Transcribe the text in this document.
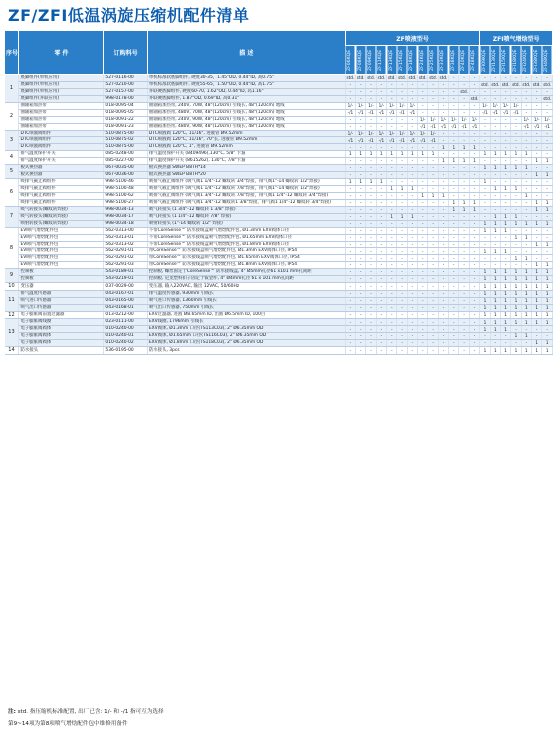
ZF/ZFI低温涡旋压缩机配件清单
序号	零 件	订购料号	描 述	ZF喷液型号													ZFI喷气增焓型号						
				ZF06KQE	ZF08KQE	ZF09KQE	ZF11KQE	ZF13KQE	ZF15KQE	ZF18KQE	ZF24KQE	ZF25KQE	ZF33KQE	ZF38KQE	ZF40KQE	ZF48KQE	ZFI09KQE	ZFI13KQE	ZFI15KQE	ZFI18KQE	ZFI24KQE	ZFI38KQE	ZFI48KQE
1	底脚组件(单机应用)	527-0116-00	单机标准软底脚组件, 硬度30-35，1.45"OD, 0.44"ID, 高0.75"	std.	std.	std.	std.	std.	std.	std.	std.	std.	std.	-	-	-	-	-	-	-	-	-	-
	底脚组件(单机应用)	527-0210-00	单机标准软底脚组件, 硬度55-65，1.50"OD, 0.44"ID, 高1.75"	-	-	-	-	-	-	-	-	-	-	-	-	-	std.	std.	std.	std.	std.	std.	std.
	底脚组件(单机应用)	527-0157-00	并联硬底脚组件, 硬度60-70, 1.62"OD, 0.44"ID, 高1.16"	-	-	-	-	-	-	-	-	-	-	-	std.	-	-	-	-	-	-	-	-
	底脚组件(并联应用)	998-0178-00	并联硬底脚组件, 1.87"OD, 0.69"ID, 高0.31"	-	-	-	-	-	-	-	-	-	-	-	-	std.	-	-	-	-	-	-	std.
2	曲轴箱加热带	018-0095-04	曲轴箱加热带, 240V, 70W, 48"(120cm) 引线长, 48"(120cm) 地线	1/-	1/-	1/-	1/-	1/-	1/-	1/-	-	-	-	-	-	-	1/-	1/-	1/-	1/-	-	-	-
	曲轴箱加热带	018-0095-05	曲轴箱加热带, 480V, 70W, 48"(120cm) 引线长, 48"(120cm) 地线	-/1	-/1	-/1	-/1	-/1	-/1	-/1	-	-	-	-	-	-	-/1	-/1	-/1	-/1	-	-	-
	曲轴箱加热带	018-0091-22	曲轴箱加热带, 240V, 90W, 48"(120cm) 引线长, 48"(120cm) 地线	-	-	-	-	-	-	-	1/-	1/-	1/-	1/-	1/-	1/-	-	-	-	-	1/-	1/-	1/-
	曲轴箱加热带	018-0091-23	曲轴箱加热带, 480V, 90W, 48"(120cm) 引线长, 48"(120cm) 地线	-	-	-	-	-	-	-	-/1	-/1	-/1	-/1	-/1	-/1	-	-	-	-	-/1	-/1	-/1
3	DTC喷液阀组件	510-0875-00	DTC喷液阀 120°C, 11/16", 进液管 Ø9.52mm	1/-	1/-	1/-	1/-	1/-	1/-	1/-	1/-	1/-	-	-	-	-	-	-	-	-	-	-	-
	DTC喷液阀组件	510-0875-02	DTC喷液阀 120°C, 11/16", 70"长, 进液管 Ø9.52mm	-/1	-/1	-/1	-/1	-/1	-/1	-/1	-/1	-/1	-	-	-	-	-	-	-	-	-	-	-
	DTC喷液阀组件	510-0875-00	DTC喷液阀 120°C, 1", 进液管 Ø9.52mm	-	-	-	-	-	-	-	-	-	1	1	1	1	-	-	-	-	-	-	-
4	排气温度保护开关	085-0248-00	排气温度保护开关 (8409496),130°C, 5/8" 卡箍	1	1	1	1	1	1	1	1	1	-	-	-	-	1	1	1	1	1	-	-
	排气温度保护开关	085-0227-00	排气温度保护开关 (8615262), 130°C, 7/8"卡箍	-	-	-	-	-	-	-	-	-	1	1	1	1	-	-	-	-	-	1	1
5	板式换热器	067-0035-00	板式换热器 SWEP B8TH*14	-	-	-	-	-	-	-	-	-	-	-	-	-	1	1	1	1	1	-	-
	板式换热器	067-0036-00	板式换热器 SWEP B8TH*20	-	-	-	-	-	-	-	-	-	-	-	-	-	-	-	-	-	-	1	1
6	吸排气截止阀组件	998-5100-46	吸排气截止阀组件 (吸气阀1 1/4"-12 螺纹转 3/4"焊接，排气阀1"-14 螺纹转 1/2"焊接)	1	1	1	1	-	-	-	-	-	-	-	-	-	1	-	-	-	-	-	-
	吸排气截止阀组件	998-5100-48	吸排气截止阀组件 (吸气阀1 1/4"-12 螺纹转 7/8"焊接，排气阀1"-14 螺纹转 1/2"焊接)	-	-	-	-	1	1	1	-	-	-	-	-	-	-	1	1	1	-	-	-
	吸排气截止阀组件	998-5100-62	吸排气截止阀组件 (吸气阀1 3/4"-12 螺纹转 7/8"焊接，排气阀1 1/4"-12 螺纹转 3/4"焊接)	-	-	-	-	-	-	-	1	1	1	-	-	-	-	-	-	-	1	-	-
	吸排气截止阀组件	998-5100-27	吸排气截止阀组件 (吸气阀1 3/4"-12 螺纹转1 3/8"焊接，排气阀1 1/4"-12 螺纹转 3/4"焊接)	-	-	-	-	-	-	-	-	-	-	1	1	1	-	-	-	-	-	1	1
7	吸气转接头(螺纹转焊接)	998-0034-13	吸气转接头 (1 3/4"-12 螺纹转 1 3/8" 焊接)	-	-	-	-	-	-	-	-	-	-	1	1	1	-	-	-	-	-	1	1
	吸气转接头(螺纹转焊接)	998-0034-17	吸气转接头 (1 1/4"-12 螺纹转 7/8" 焊接)	-	-	-	-	1	1	1	-	-	-	-	-	-	-	1	1	1	-	-	-
	喷射转接头(螺纹转焊接)	998-0034-18	喷射转接头 (1"-14 螺纹转 1/2" 焊接)	-	-	-	-	-	-	-	-	-	-	-	-	-	1	1	1	1	1	1	1
8	EVI喷气增焓配件包	562-0313-00	不带CoreSense™ 防水接线盒喷气增焓配件包, Ø1.3mm EXV阀体口径	-	-	-	-	-	-	-	-	-	-	-	-	-	1	1	1	-	-	-	-
	EVI喷气增焓配件包	562-0313-01	不带CoreSense™ 防水接线盒喷气增焓配件包, Ø1.65mm EXV阀体口径	-	-	-	-	-	-	-	-	-	-	-	-	-	-	-	-	1	1	-	-
	EVI喷气增焓配件包	562-0313-02	不带CoreSense™ 防水接线盒喷气增焓配件包, Ø1.8mm EXV阀体口径	-	-	-	-	-	-	-	-	-	-	-	-	-	-	-	-	-	-	1	1
	EVI喷气增焓配件包	562-0291-01	带CoreSense™ 防水接线盒喷气增焓配件包, Ø1.3mm EXV阀体口径, IP54	-	-	-	-	-	-	-	-	-	-	-	-	-	1	1	1	-	-	-	-
	EVI喷气增焓配件包	562-0291-02	带CoreSense™ 防水接线盒喷气增焓配件包, Ø1.65mm EXV阀体口径, IP54	-	-	-	-	-	-	-	-	-	-	-	-	-	-	-	-	1	1	-	-
	EVI喷气增焓配件包	562-0291-03	带CoreSense™ 防水接线盒喷气增焓配件包, Ø1.8mm EXV阀体口径, IP54	-	-	-	-	-	-	-	-	-	-	-	-	-	-	-	-	-	-	1	1
9	控制板	543-0189-01	控制板, 螺丝固定于CoreSense™ 防水接线盒, 4" Ø5mm孔径61 x101 mm孔间距	-	-	-	-	-	-	-	-	-	-	-	-	-	1	1	1	1	1	1	1
	控制板	543-0219-01	控制板, 尼龙塑料扣子固定于钣金件, 4" Ø4mm孔径 61 x 101 mm孔间距	-	-	-	-	-	-	-	-	-	-	-	-	-	1	1	1	1	1	1	1
10	变压器	037-0029-00	变压器, 输入220VAC, 输出 12VAC, 50/60Hz	-	-	-	-	-	-	-	-	-	-	-	-	-	1	1	1	1	1	1	1
11	排气温度传感器	043-0167-01	排气温度传感器, 930mm 引线长	-	-	-	-	-	-	-	-	-	-	-	-	-	1	1	1	1	1	1	1
	喷气进口传感器	043-0165-00	喷气进口传感器, 1360mm 引线长	-	-	-	-	-	-	-	-	-	-	-	-	-	1	1	1	1	1	1	1
	喷气出口传感器	043-0168-01	喷气出口传感器, 750mm 引线长	-	-	-	-	-	-	-	-	-	-	-	-	-	1	1	1	1	1	1	1
12	电子膨胀阀前置过滤器	013-0212-00	EXV过滤器, 进液 Ø8.65mm ID, 出液 Ø6.5mm ID, 100目	-	-	-	-	-	-	-	-	-	-	-	-	-	1	1	1	1	1	1	1
13	电子膨胀阀线圈	023-0111-00	EXV线圈, 1796mm 引线长	-	-	-	-	-	-	-	-	-	-	-	-	-	1	1	1	1	1	1	1
	电子膨胀阀阀体	010-0240-00	EXV阀体, Ø1.3mm 口径(TS113C03), 2" Ø6.35mm OD	-	-	-	-	-	-	-	-	-	-	-	-	-	1	1	1	-	-	-	-
	电子膨胀阀阀体	010-0240-01	EXV阀体, Ø1.65mm 口径(TS116C03), 2" Ø6.35mm OD	-	-	-	-	-	-	-	-	-	-	-	-	-	-	-	-	1	1	-	-
	电子膨胀阀阀体	010-0240-02	EXV阀体, Ø1.8mm 口径(TS118C03), 2" Ø6.35mm OD	-	-	-	-	-	-	-	-	-	-	-	-	-	-	-	-	-	-	1	1
14	防水接头	536-0195-00	防水接头, 3pcs	-	-	-	-	-	-	-	-	-	-	-	-	-	1	1	1	1	1	1	1
注: std. 指压缩机标准配置, 出厂已含: 1/- 和 -/1 指可互为选择
第9~14项为第8项喷气增焓配件包中维修用备件
